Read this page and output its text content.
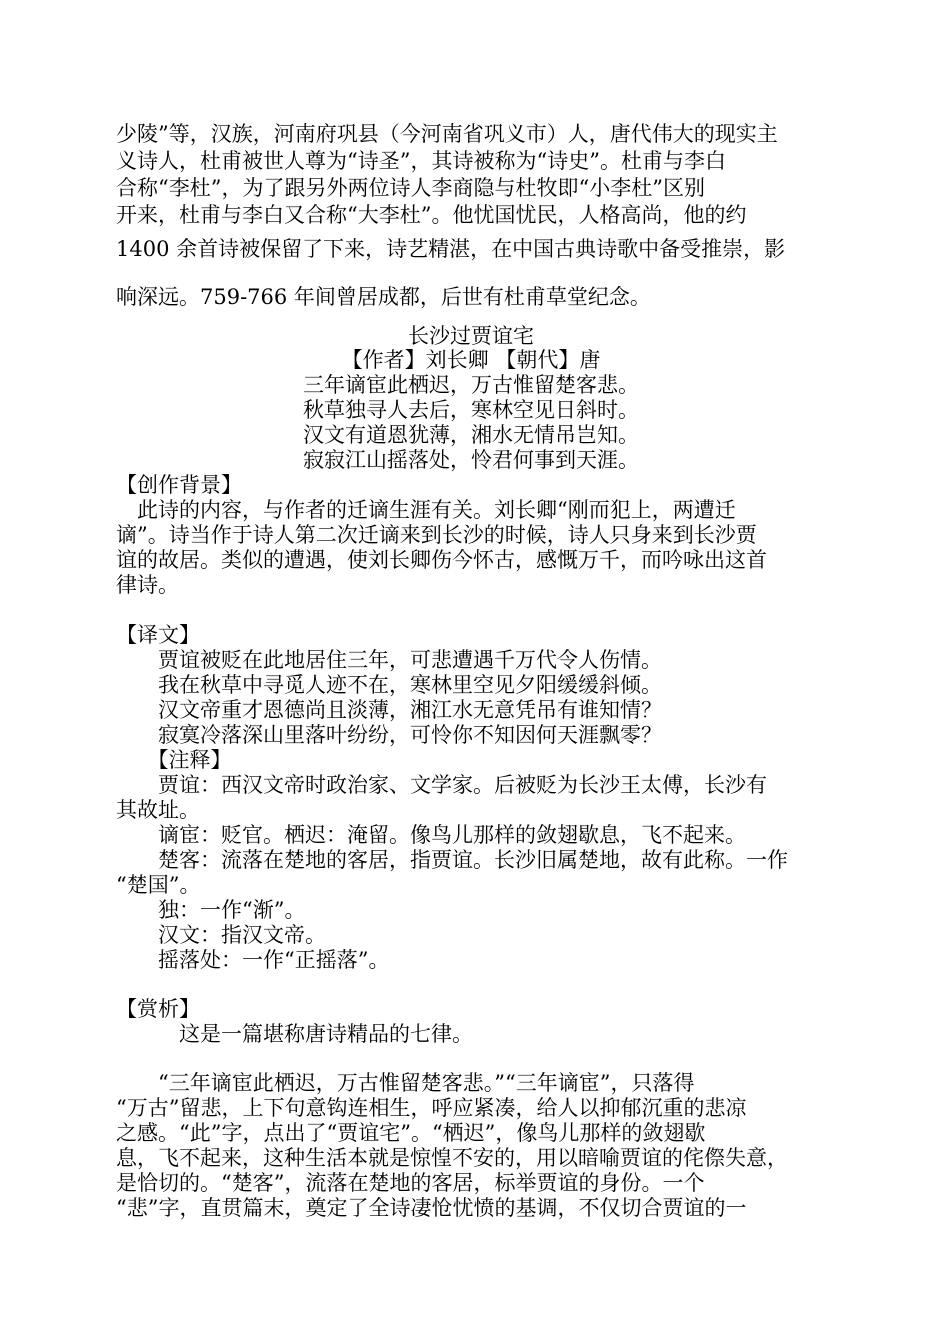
少陵”等，汉族，河南府巩县（今河南省巩义市）人，唐代伟大的现实主
义诗人，杜甫被世人尊为“诗圣”，其诗被称为“诗史”。杜甫与李白
合称“李杜”，为了跟另外两位诗人李商隐与杜牧即“小李杜”区别
开来，杜甫与李白又合称“大李杜”。他忧国忧民，人格高尚，他的约
1400 余首诗被保留了下来，诗艺精湛，在中国古典诗歌中备受推崇，影
响深远。759-766 年间曾居成都，后世有杜甫草堂纪念。
长沙过贾谊宅
【作者】刘长卿 【朝代】唐
三年谪宦此栖迟，万古惟留楚客悲。
秋草独寻人去后，寒林空见日斜时。
汉文有道恩犹薄，湘水无情吊岂知。
寂寂江山摇落处，怜君何事到天涯。
【创作背景】
　此诗的内容，与作者的迁谪生涯有关。刘长卿“刚而犯上，两遭迁
谪”。诗当作于诗人第二次迁谪来到长沙的时候，诗人只身来到长沙贾
谊的故居。类似的遭遇，使刘长卿伤今怀古，感慨万千，而吟咏出这首
律诗。
【译文】
　　贾谊被贬在此地居住三年，可悲遭遇千万代令人伤情。
　　我在秋草中寻觅人迹不在，寒林里空见夕阳缓缓斜倾。
　　汉文帝重才恩德尚且淡薄，湘江水无意凭吊有谁知情？
　　寂寞冷落深山里落叶纷纷，可怜你不知因何天涯飘零？
　　【注释】
　　贾谊：西汉文帝时政治家、文学家。后被贬为长沙王太傅，长沙有
其故址。
　　谪宦：贬官。栖迟：淹留。像鸟儿那样的敛翅歇息，飞不起来。
　　楚客：流落在楚地的客居，指贾谊。长沙旧属楚地，故有此称。一作
“楚国”。
　　独：一作“渐”。
　　汉文：指汉文帝。
　　摇落处：一作“正摇落”。
【赏析】
　　　这是一篇堪称唐诗精品的七律。
　　“三年谪宦此栖迟，万古惟留楚客悲。”“三年谪宦”，只落得
“万古”留悲，上下句意钩连相生，呼应紧凑，给人以抑郁沉重的悲凉
之感。“此”字，点出了“贾谊宅”。“栖迟”，像鸟儿那样的敛翅歇
息，飞不起来，这种生活本就是惊惶不安的，用以暗喻贾谊的侘傺失意，
是恰切的。“楚客”，流落在楚地的客居，标举贾谊的身份。一个
“悲”字，直贯篇末，奠定了全诗凄怆忧愤的基调，不仅切合贾谊的一
